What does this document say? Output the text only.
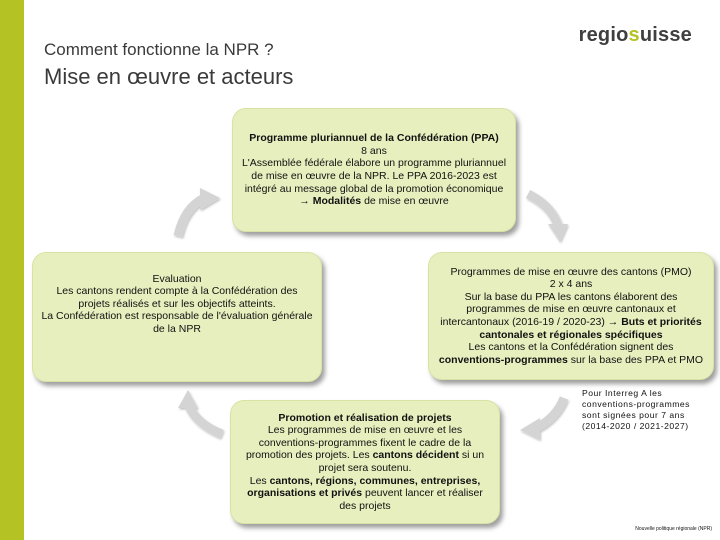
regiosuisse
Comment fonctionne la NPR ?
Mise en œuvre et acteurs

Programme pluriannuel de la Confédération (PPA)

8 ans

L'Assemblée fédérale élabore un programme pluriannuel de mise en œuvre de la NPR. Le PPA 2016-2023 est intégré au message global de la promotion économique

→ Modalités de mise en œuvre

Evaluation

Les cantons rendent compte à la Confédération des projets réalisés et sur les objectifs atteints.

La Confédération est responsable de l'évaluation générale de la NPR

Programmes de mise en œuvre des cantons (PMO)

2 x 4 ans

Sur la base du PPA les cantons élaborent des programmes de mise en œuvre cantonaux et intercantonaux (2016-19 / 2020-23) → Buts et priorités cantonales et régionales spécifiques

Les cantons et la Confédération signent des conventions-programmes sur la base des PPA et PMO

Promotion et réalisation de projets

Les programmes de mise en œuvre et les conventions-programmes fixent le cadre de la promotion des projets. Les cantons décident si un projet sera soutenu.

Les cantons, régions, communes, entreprises, organisations et privés peuvent lancer et réaliser des projets

Pour Interreg A les conventions-programmes sont signées pour 7 ans (2014-2020 / 2021-2027)
Nouvelle politique régionale (NPR)
